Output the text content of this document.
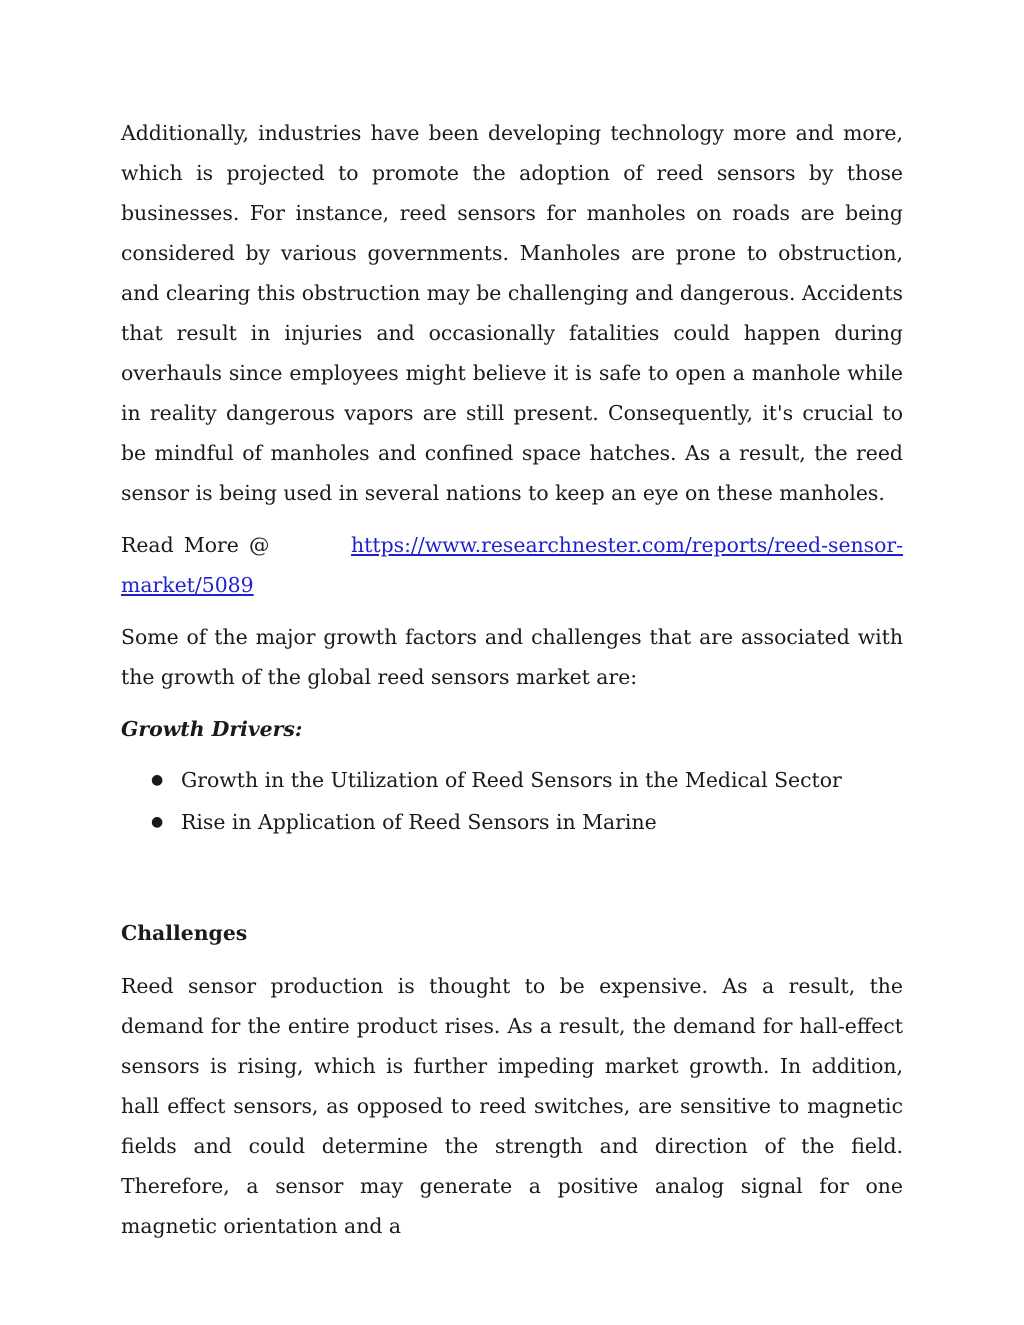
Additionally, industries have been developing technology more and more, which is projected to promote the adoption of reed sensors by those businesses. For instance, reed sensors for manholes on roads are being considered by various governments. Manholes are prone to obstruction, and clearing this obstruction may be challenging and dangerous. Accidents that result in injuries and occasionally fatalities could happen during overhauls since employees might believe it is safe to open a manhole while in reality dangerous vapors are still present. Consequently, it's crucial to be mindful of manholes and confined space hatches. As a result, the reed sensor is being used in several nations to keep an eye on these manholes.

Read More @	https://www.researchnester.com/reports/reed-sensor-market/5089

Some of the major growth factors and challenges that are associated with the growth of the global reed sensors market are:

Growth Drivers:
● Growth in the Utilization of Reed Sensors in the Medical Sector
● Rise in Application of Reed Sensors in Marine
Challenges

Reed sensor production is thought to be expensive. As a result, the demand for the entire product rises. As a result, the demand for hall-effect sensors is rising, which is further impeding market growth. In addition, hall effect sensors, as opposed to reed switches, are sensitive to magnetic fields and could determine the strength and direction of the field. Therefore, a sensor may generate a positive analog signal for one magnetic orientation and a
